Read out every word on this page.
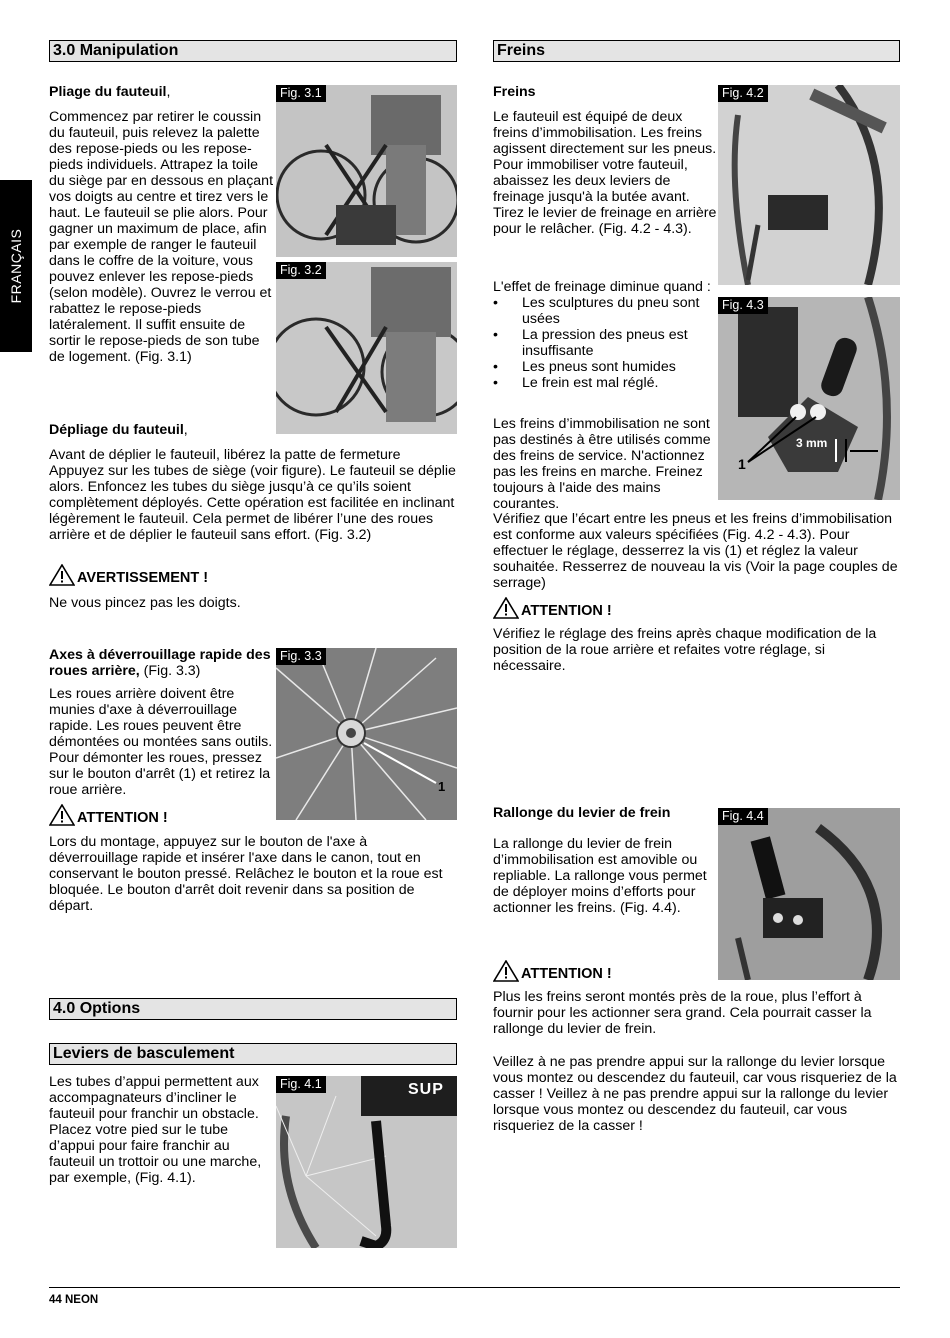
FRANÇAIS
3.0 Manipulation
Pliage du fauteuil,

Commencez par retirer le coussin du fauteuil, puis relevez la palette des repose-pieds ou les repose-pieds individuels. Attrapez la toile du siège par en dessous en plaçant vos doigts au centre et tirez vers le haut. Le fauteuil se plie alors. Pour gagner un maximum de place, afin par exemple de ranger le fauteuil dans le coffre de la voiture, vous pouvez enlever les repose-pieds (selon modèle). Ouvrez le verrou et rabattez le repose-pieds latéralement. Il suffit ensuite de sortir le repose-pieds de son tube de logement. (Fig. 3.1)

Dépliage du fauteuil,

Avant de déplier le fauteuil, libérez la patte de fermeture Appuyez sur les tubes de siège (voir figure). Le fauteuil se déplie alors. Enfoncez les tubes du siège jusqu’à ce qu’ils soient complètement déployés. Cette opération est facilitée en inclinant légèrement le fauteuil. Cela permet de libérer l’une des roues arrière et de déplier le fauteuil sans effort. (Fig. 3.2)

AVERTISSEMENT !

Ne vous pincez pas les doigts.

Axes à déverrouillage rapide des roues arrière, (Fig. 3.3)

Les roues arrière doivent être munies d'axe à déverrouillage rapide. Les roues peuvent être démontées ou montées sans outils. Pour démonter les roues, pressez sur le bouton d'arrêt (1) et retirez la roue arrière.

ATTENTION !

Lors du montage, appuyez sur le bouton de l'axe à déverrouillage rapide et insérer l'axe dans le canon, tout en conservant le bouton pressé. Relâchez le bouton et la roue est bloquée. Le bouton d'arrêt doit revenir dans sa position de départ.

4.0 Options
Leviers de basculement

Les tubes d’appui permettent aux accompagnateurs d’incliner le fauteuil pour franchir un obstacle. Placez votre pied sur le tube d’appui pour faire franchir au fauteuil un trottoir ou une marche, par exemple, (Fig. 4.1).

Fig. 3.1
Fig. 3.2
Fig. 3.3
1
Fig. 4.1	SUP
Freins
Freins

Le fauteuil est équipé de deux freins d’immobilisation. Les freins agissent directement sur les pneus. Pour immobiliser votre fauteuil, abaissez les deux leviers de freinage jusqu'à la butée avant. Tirez le levier de freinage en arrière pour le relâcher. (Fig. 4.2 - 4.3).

L'effet de freinage diminue quand :

• Les sculptures du pneu sont usées
• La pression des pneus est insuffisante
• Les pneus sont humides
• Le frein est mal réglé.

Les freins d’immobilisation ne sont pas destinés à être utilisés comme des freins de service. N'actionnez pas les freins en marche. Freinez toujours à l'aide des mains courantes.

Vérifiez que l’écart entre les pneus et les freins d’immobilisation est conforme aux valeurs spécifiées (Fig. 4.2 - 4.3). Pour effectuer le réglage, desserrez la vis (1) et réglez la valeur souhaitée. Resserrez de nouveau la vis (Voir la page couples de serrage)

ATTENTION !

Vérifiez le réglage des freins après chaque modification de la position de la roue arrière et refaites votre réglage, si nécessaire.

Rallonge du levier de frein

La rallonge du levier de frein d’immobilisation est amovible ou repliable. La rallonge vous permet de déployer moins d’efforts pour actionner les freins. (Fig. 4.4).

ATTENTION !

Plus les freins seront montés près de la roue, plus l’effort à fournir pour les actionner sera grand. Cela pourrait casser la rallonge du levier de frein.

Veillez à ne pas prendre appui sur la rallonge du levier lorsque vous montez ou descendez du fauteuil, car vous risqueriez de la casser ! Veillez à ne pas prendre appui sur la rallonge du levier lorsque vous montez ou descendez du fauteuil, car vous risqueriez de la casser !

Fig. 4.2
Fig. 4.3
3 mm
1
Fig. 4.4
44 NEON
